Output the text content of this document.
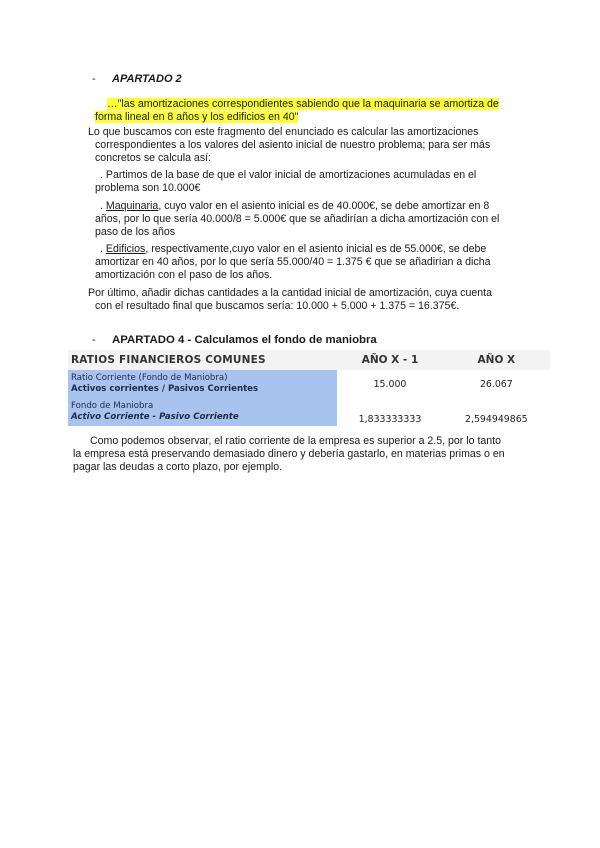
- APARTADO 2
…"las amortizaciones correspondientes sabiendo que la maquinaria se amortiza de
forma lineal en 8 años y los edificios en 40"
Lo que buscamos con este fragmento del enunciado es calcular las amortizaciones
correspondientes a los valores del asiento inicial de nuestro problema; para ser más
concretos se calcula así:
. Partimos de la base de que el valor inicial de amortizaciones acumuladas en el
problema son 10.000€
. Maquinaria, cuyo valor en el asiento inicial es de 40.000€, se debe amortizar en 8
años, por lo que sería 40.000/8 = 5.000€ que se añadirían a dicha amortización con el
paso de los años
. Edificios, respectivamente,cuyo valor en el asiento inicial es de 55.000€, se debe
amortizar en 40 años, por lo que sería 55.000/40 = 1.375 € que se añadirían a dicha
amortización con el paso de los años.
Por último, añadir dichas cantidades a la cantidad inicial de amortización, cuya cuenta
con el resultado final que buscamos sería: 10.000 + 5.000 + 1.375 = 16.375€.
- APARTADO 4 - Calculamos el fondo de maniobra
RATIOS FINANCIEROS COMUNES	AÑO X - 1	AÑO X

Ratio Corriente (Fondo de Maniobra)
Activos corrientes / Pasivos Corrientes	15.000	26.067

Fondo de Maniobra
Activo Corriente - Pasivo Corriente	1,833333333	2,594949865
Como podemos observar, el ratio corriente de la empresa es superior a 2.5, por lo tanto
la empresa está preservando demasiado dinero y debería gastarlo, en materias primas o en
pagar las deudas a corto plazo, por ejemplo.
